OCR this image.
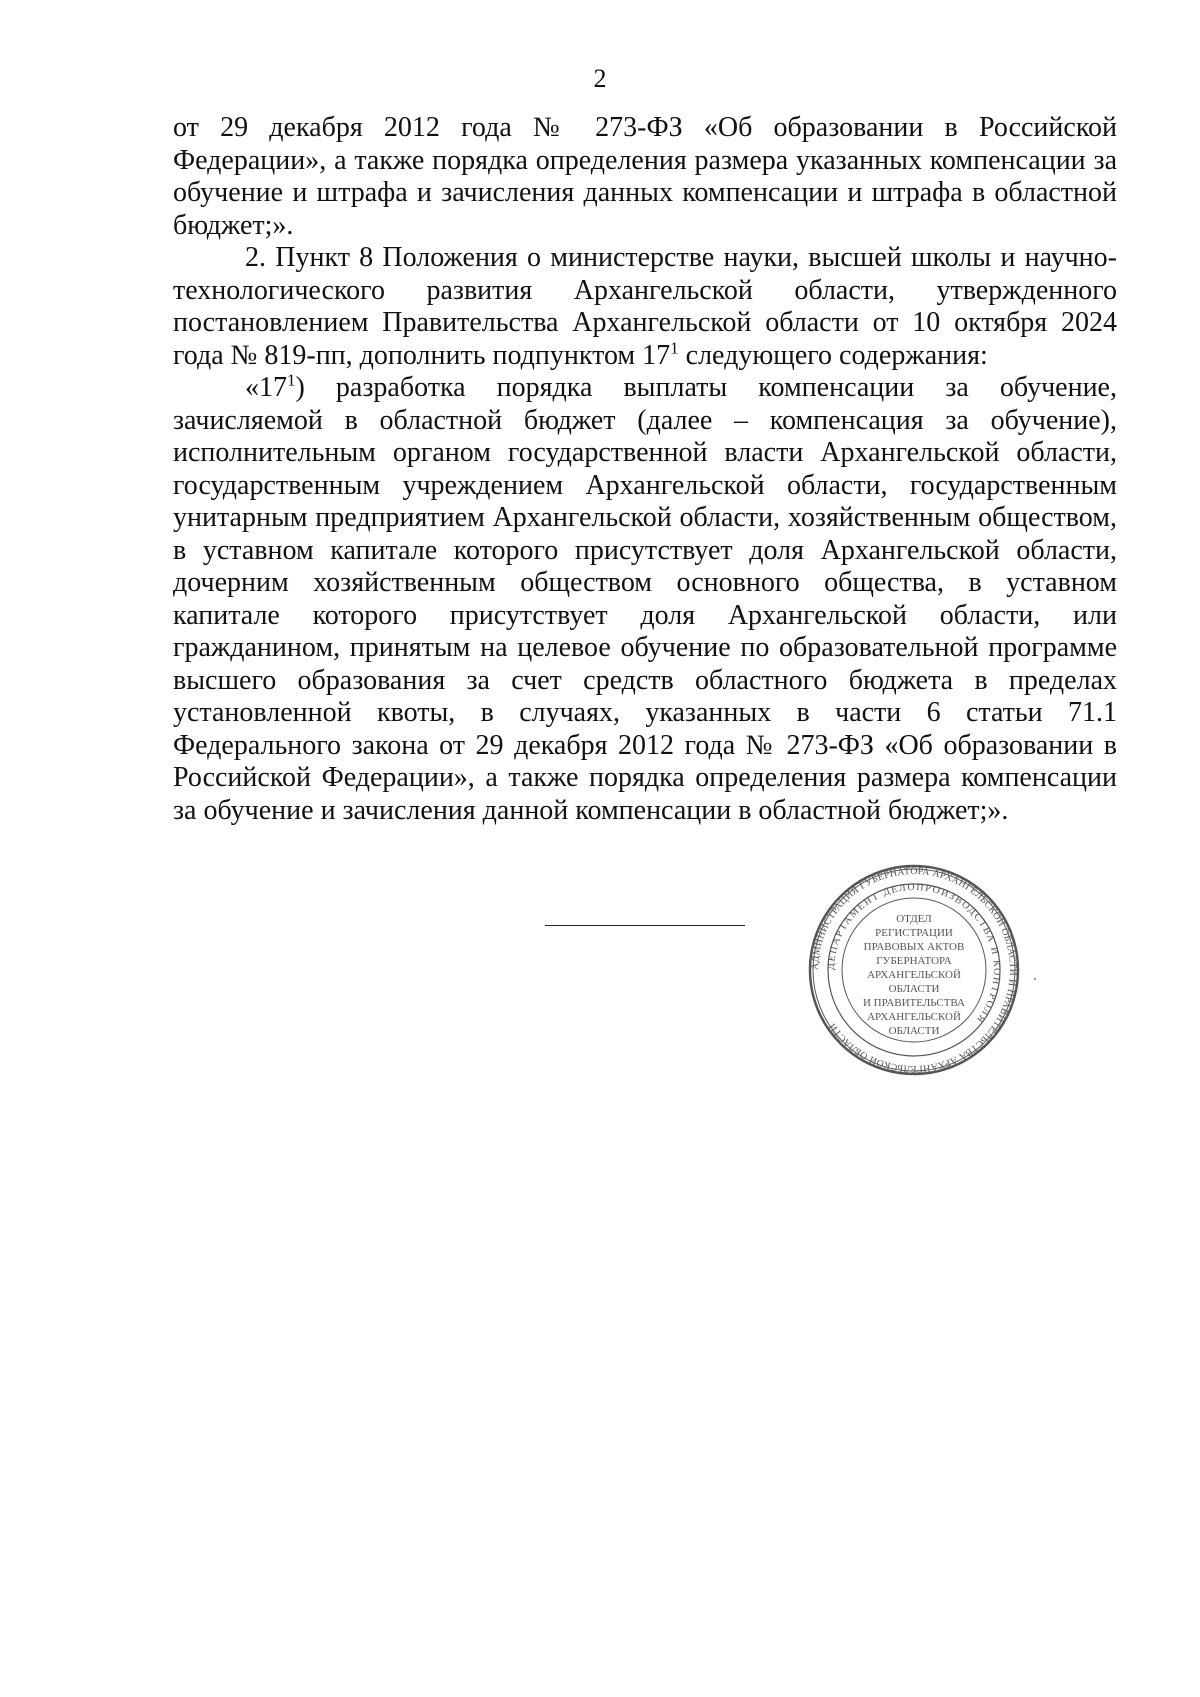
2

от 29 декабря 2012 года № 273-ФЗ «Об образовании в Российской Федерации», а также порядка определения размера указанных компенсации за обучение и штрафа и зачисления данных компенсации и штрафа в областной бюджет;».

2. Пункт 8 Положения о министерстве науки, высшей школы и научно-технологического развития Архангельской области, утвержденного постановлением Правительства Архангельской области от 10 октября 2024 года № 819-пп, дополнить подпунктом $17^1$ следующего содержания:

«$17^1$) разработка порядка выплаты компенсации за обучение, зачисляемой в областной бюджет (далее – компенсация за обучение), исполнительным органом государственной власти Архангельской области, государственным учреждением Архангельской области, государственным унитарным предприятием Архангельской области, хозяйственным обществом, в уставном капитале которого присутствует доля Архангельской области, дочерним хозяйственным обществом основного общества, в уставном капитале которого присутствует доля Архангельской области, или гражданином, принятым на целевое обучение по образовательной программе высшего образования за счет средств областного бюджета в пределах установленной квоты, в случаях, указанных в части 6 статьи 71.1 Федерального закона от 29 декабря 2012 года № 273-ФЗ «Об образовании в Российской Федерации», а также порядка определения размера компенсации за обучение и зачисления данной компенсации в областной бюджет;».

АДМИНИСТРАЦИЯ ГУБЕРНАТОРА АРХАНГЕЛЬСКОЙ ОБЛАСТИ И ПРАВИТЕЛЬСТВА АРХАНГЕЛЬСКОЙ ОБЛАСТИ
ДЕПАРТАМЕНТ ДЕЛОПРОИЗВОДСТВА И КОНТРОЛЯ
ОТДЕЛ
РЕГИСТРАЦИИ
ПРАВОВЫХ АКТОВ
ГУБЕРНАТОРА
АРХАНГЕЛЬСКОЙ
ОБЛАСТИ
И ПРАВИТЕЛЬСТВА
АРХАНГЕЛЬСКОЙ
ОБЛАСТИ
